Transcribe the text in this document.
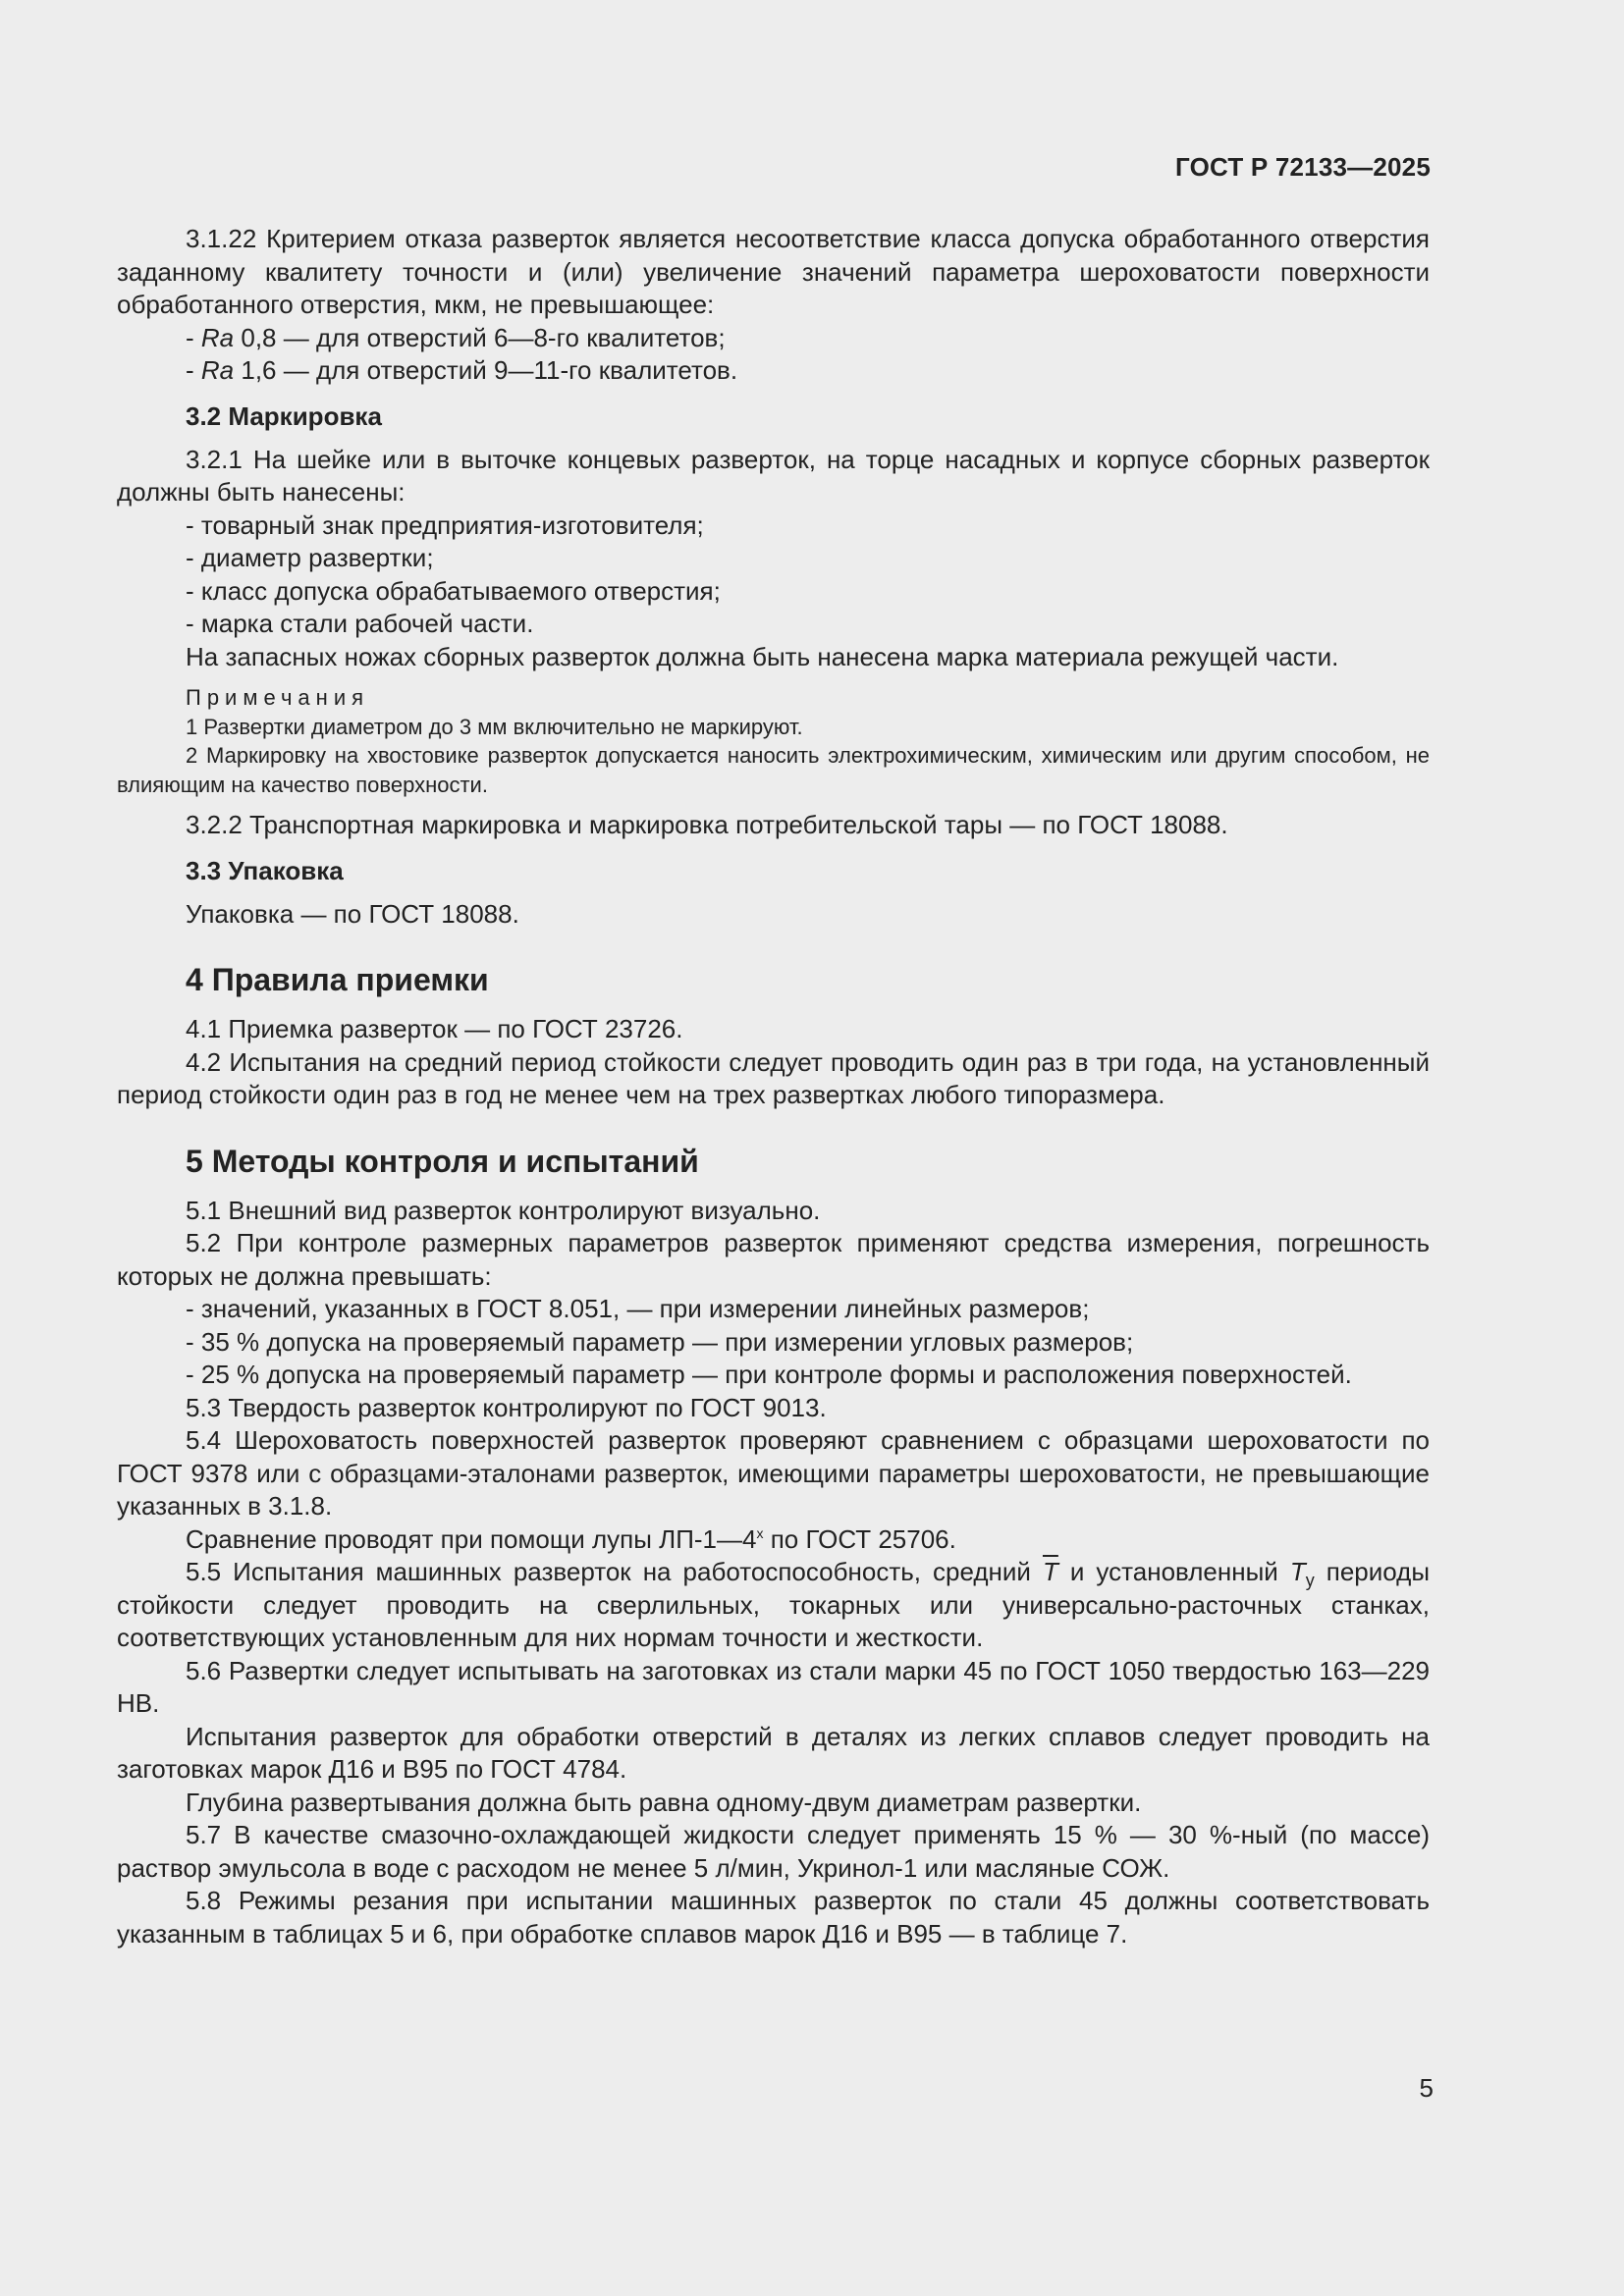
ГОСТ Р 72133—2025

3.1.22 Критерием отказа разверток является несоответствие класса допуска обработанного отверстия заданному квалитету точности и (или) увеличение значений параметра шероховатости поверхности обработанного отверстия, мкм, не превышающее:

- Ra 0,8 — для отверстий 6—8-го квалитетов;

- Ra 1,6 — для отверстий 9—11-го квалитетов.

3.2 Маркировка

3.2.1 На шейке или в выточке концевых разверток, на торце насадных и корпусе сборных разверток должны быть нанесены:

- товарный знак предприятия-изготовителя;

- диаметр развертки;

- класс допуска обрабатываемого отверстия;

- марка стали рабочей части.

На запасных ножах сборных разверток должна быть нанесена марка материала режущей части.

Примечания

1 Развертки диаметром до 3 мм включительно не маркируют.

2 Маркировку на хвостовике разверток допускается наносить электрохимическим, химическим или другим способом, не влияющим на качество поверхности.

3.2.2 Транспортная маркировка и маркировка потребительской тары — по ГОСТ 18088.

3.3 Упаковка

Упаковка — по ГОСТ 18088.

4 Правила приемки

4.1 Приемка разверток — по ГОСТ 23726.

4.2 Испытания на средний период стойкости следует проводить один раз в три года, на установленный период стойкости один раз в год не менее чем на трех развертках любого типоразмера.

5 Методы контроля и испытаний

5.1 Внешний вид разверток контролируют визуально.

5.2 При контроле размерных параметров разверток применяют средства измерения, погрешность которых не должна превышать:

- значений, указанных в ГОСТ 8.051, — при измерении линейных размеров;

- 35 % допуска на проверяемый параметр — при измерении угловых размеров;

- 25 % допуска на проверяемый параметр — при контроле формы и расположения поверхностей.

5.3 Твердость разверток контролируют по ГОСТ 9013.

5.4 Шероховатость поверхностей разверток проверяют сравнением с образцами шероховатости по ГОСТ 9378 или с образцами-эталонами разверток, имеющими параметры шероховатости, не превышающие указанных в 3.1.8.

Сравнение проводят при помощи лупы $ЛП-1—4^х$ по ГОСТ 25706.

5.5 Испытания машинных разверток на работоспособность, средний $\overline{T}$ и установленный $T_у$ периоды стойкости следует проводить на сверлильных, токарных или универсально-расточных станках, соответствующих установленным для них нормам точности и жесткости.

5.6 Развертки следует испытывать на заготовках из стали марки 45 по ГОСТ 1050 твердостью 163—229 НВ.

Испытания разверток для обработки отверстий в деталях из легких сплавов следует проводить на заготовках марок Д16 и В95 по ГОСТ 4784.

Глубина развертывания должна быть равна одному-двум диаметрам развертки.

5.7 В качестве смазочно-охлаждающей жидкости следует применять 15 % — 30 %-ный (по массе) раствор эмульсола в воде с расходом не менее 5 л/мин, Укринол-1 или масляные СОЖ.

5.8 Режимы резания при испытании машинных разверток по стали 45 должны соответствовать указанным в таблицах 5 и 6, при обработке сплавов марок Д16 и В95 — в таблице 7.

5
